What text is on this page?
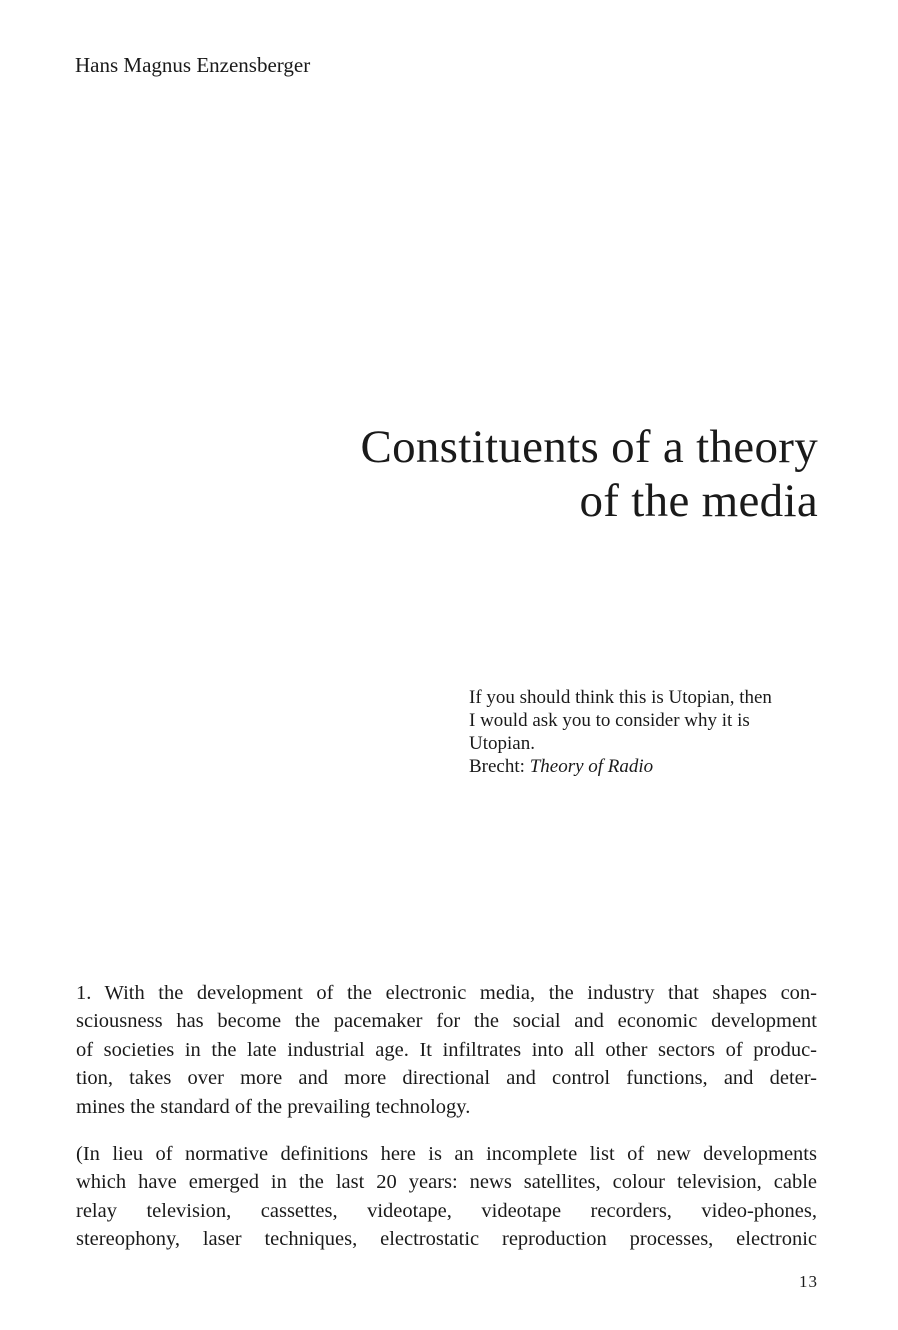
Hans Magnus Enzensberger
Constituents of a theory
of the media
If you should think this is Utopian, then
I would ask you to consider why it is
Utopian.
Brecht: Theory of Radio

1. With the development of the electronic media, the industry that shapes con-
sciousness has become the pacemaker for the social and economic development
of societies in the late industrial age. It infiltrates into all other sectors of produc-
tion, takes over more and more directional and control functions, and deter-
mines the standard of the prevailing technology.

(In lieu of normative definitions here is an incomplete list of new developments
which have emerged in the last 20 years: news satellites, colour television, cable
relay television, cassettes, videotape, videotape recorders, video-phones,
stereophony, laser techniques, electrostatic reproduction processes, electronic

13
